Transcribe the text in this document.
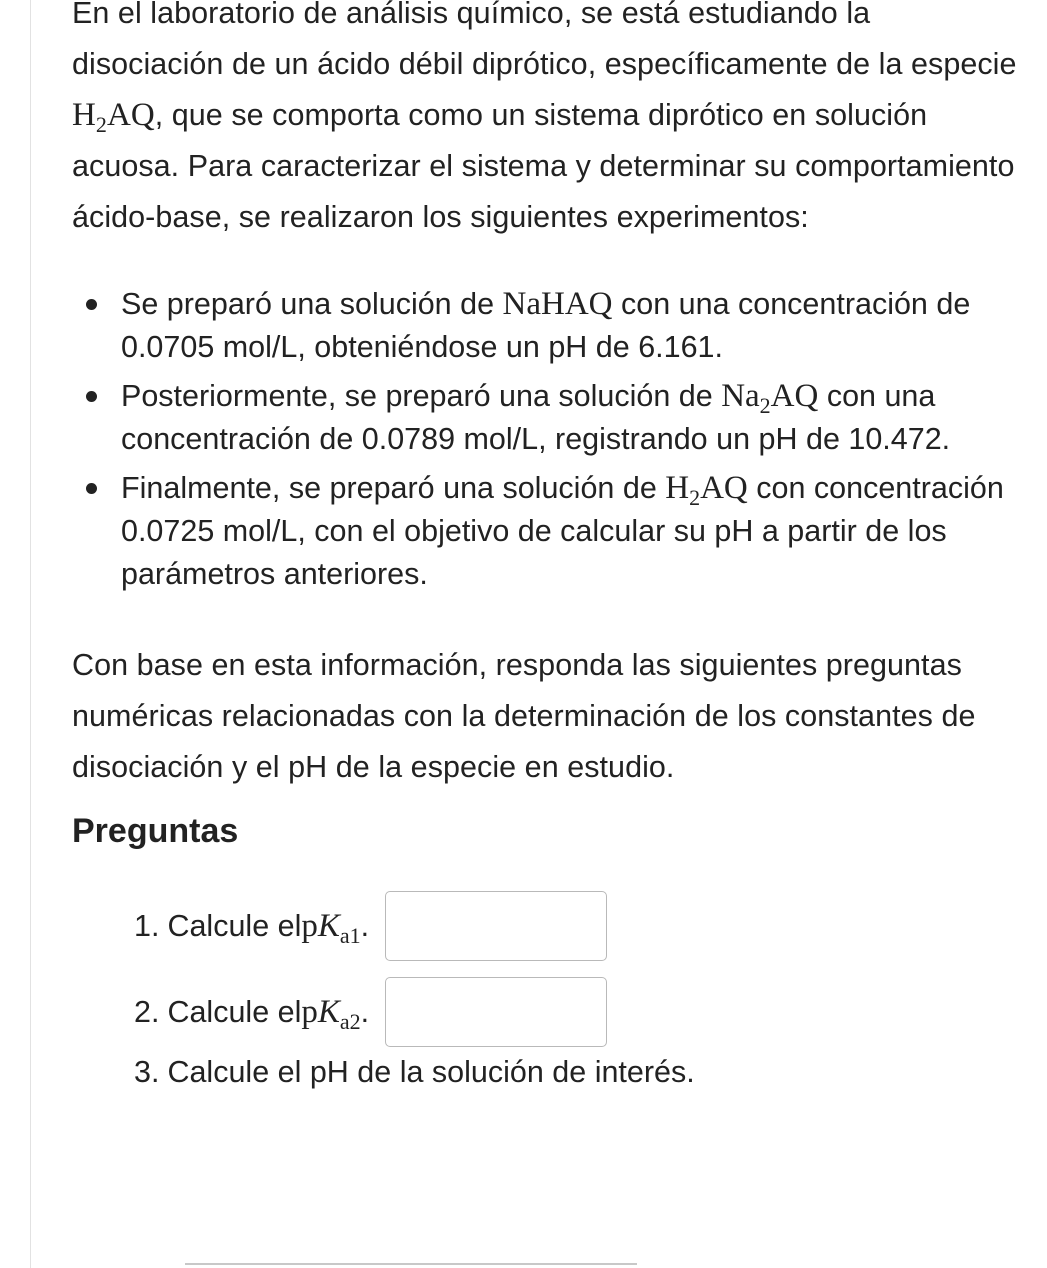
En el laboratorio de análisis químico, se está estudiando la disociación de un ácido débil diprótico, específicamente de la especie $H_2AQ$, que se comporta como un sistema diprótico en solución acuosa. Para caracterizar el sistema y determinar su comportamiento ácido-base, se realizaron los siguientes experimentos:

Se preparó una solución de NaHAQ con una concentración de 0.0705 mol/L, obteniéndose un pH de 6.161.
Posteriormente, se preparó una solución de $Na_2AQ$ con una concentración de 0.0789 mol/L, registrando un pH de 10.472.
Finalmente, se preparó una solución de $H_2AQ$ con concentración 0.0725 mol/L, con el objetivo de calcular su pH a partir de los parámetros anteriores.

Con base en esta información, responda las siguientes preguntas numéricas relacionadas con la determinación de los constantes de disociación y el pH de la especie en estudio.

Preguntas
1. Calcule el $pK_{a1}$ .
2. Calcule el $pK_{a2}$ .
3. Calcule el pH de la solución de interés.
